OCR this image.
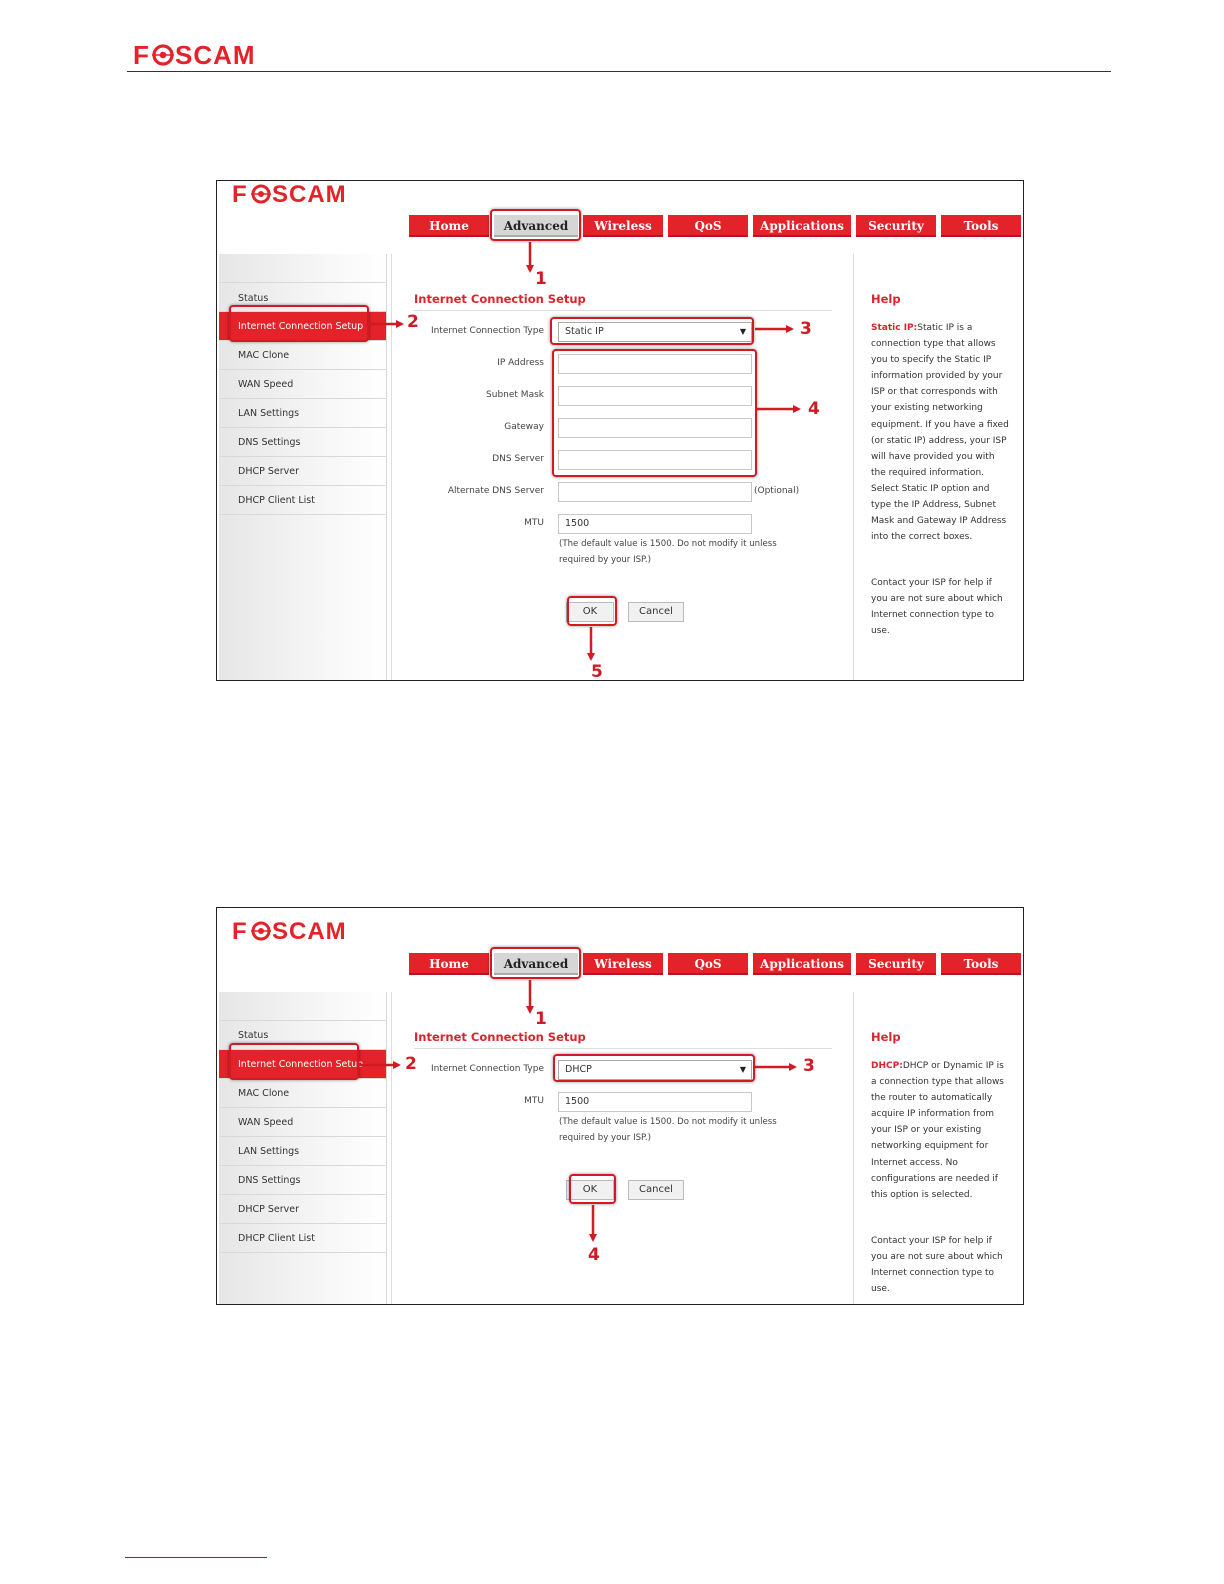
F SCAM
F SCAM
Home	Advanced	Wireless	QoS	Applications	Security	Tools
Status
Internet Connection Setup
MAC Clone
WAN Speed
LAN Settings
DNS Settings
DHCP Server
DHCP Client List
Internet Connection Setup
Internet Connection Type	Static IP	▼
IP Address
Subnet Mask
Gateway
DNS Server
Alternate DNS Server	(Optional)
MTU	1500
(The default value is 1500. Do not modify it unless
required by your ISP.)
OK	Cancel
Help
Static IP:Static IP is a connection type that allows you to specify the Static IP information provided by your ISP or that corresponds with your existing networking equipment. If you have a fixed (or static IP) address, your ISP will have provided you with the required information. Select Static IP option and type the IP Address, Subnet Mask and Gateway IP Address into the correct boxes.
Contact your ISP for help if you are not sure about which Internet connection type to use.
1
2	3
4
5
F SCAM
Home	Advanced	Wireless	QoS	Applications	Security	Tools
Status
Internet Connection Setup
MAC Clone
WAN Speed
LAN Settings
DNS Settings
DHCP Server
DHCP Client List
Internet Connection Setup
Internet Connection Type	DHCP	▼
MTU	1500
(The default value is 1500. Do not modify it unless
required by your ISP.)
OK	Cancel
Help
DHCP:DHCP or Dynamic IP is a connection type that allows the router to automatically acquire IP information from your ISP or your existing networking equipment for Internet access. No configurations are needed if this option is selected.
Contact your ISP for help if you are not sure about which Internet connection type to use.
1
2	3
4
